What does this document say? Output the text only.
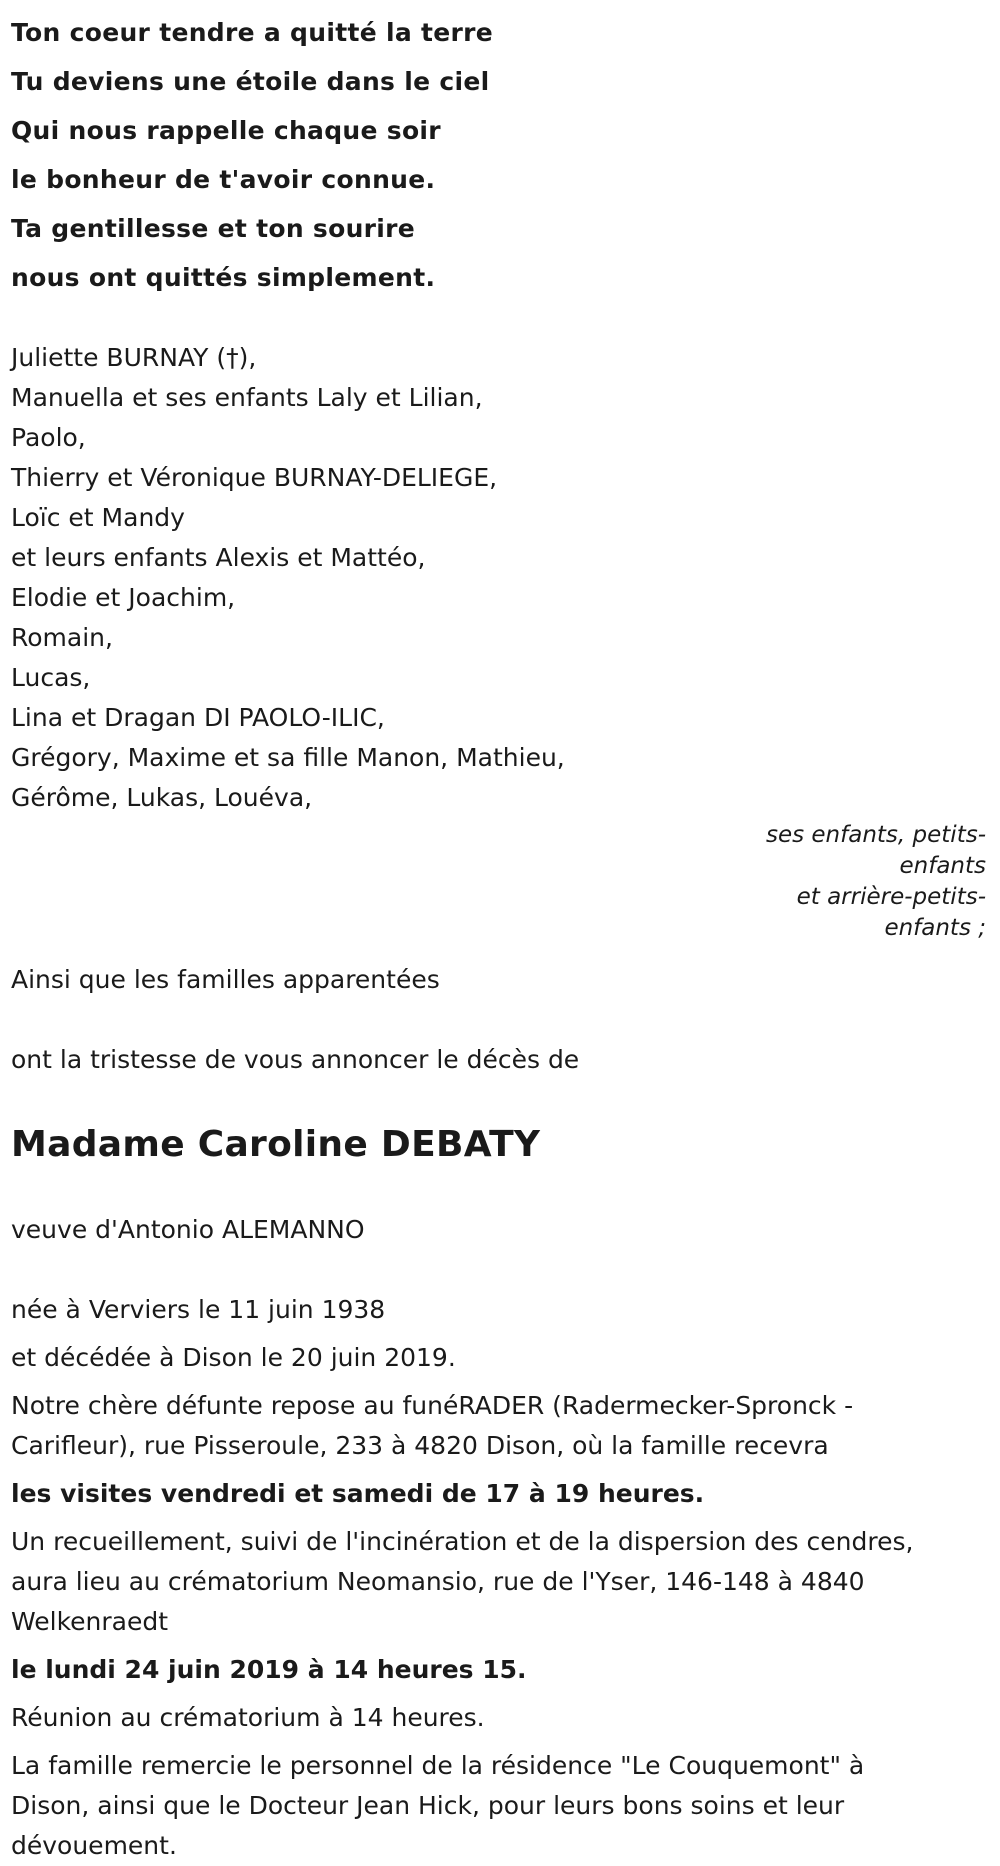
Ton coeur tendre a quitté la terre
Tu deviens une étoile dans le ciel
Qui nous rappelle chaque soir
le bonheur de t'avoir connue.
Ta gentillesse et ton sourire
nous ont quittés simplement.
Juliette BURNAY (†),
Manuella et ses enfants Laly et Lilian,
Paolo,
Thierry et Véronique BURNAY-DELIEGE,
Loïc et Mandy
et leurs enfants Alexis et Mattéo,
Elodie et Joachim,
Romain,
Lucas,
Lina et Dragan DI PAOLO-ILIC,
Grégory, Maxime et sa fille Manon, Mathieu,
Gérôme, Lukas, Louéva,
ses enfants, petits-
enfants
et arrière-petits-
enfants ;
Ainsi que les familles apparentées
ont la tristesse de vous annoncer le décès de
Madame Caroline DEBATY
veuve d'Antonio ALEMANNO
née à Verviers le 11 juin 1938
et décédée à Dison le 20 juin 2019.
Notre chère défunte repose au funéRADER (Radermecker-Spronck -
Carifleur), rue Pisseroule, 233 à 4820 Dison, où la famille recevra
les visites vendredi et samedi de 17 à 19 heures.
Un recueillement, suivi de l'incinération et de la dispersion des cendres,
aura lieu au crématorium Neomansio, rue de l'Yser, 146-148 à 4840
Welkenraedt
le lundi 24 juin 2019 à 14 heures 15.
Réunion au crématorium à 14 heures.
La famille remercie le personnel de la résidence "Le Couquemont" à
Dison, ainsi que le Docteur Jean Hick, pour leurs bons soins et leur
dévouement.
